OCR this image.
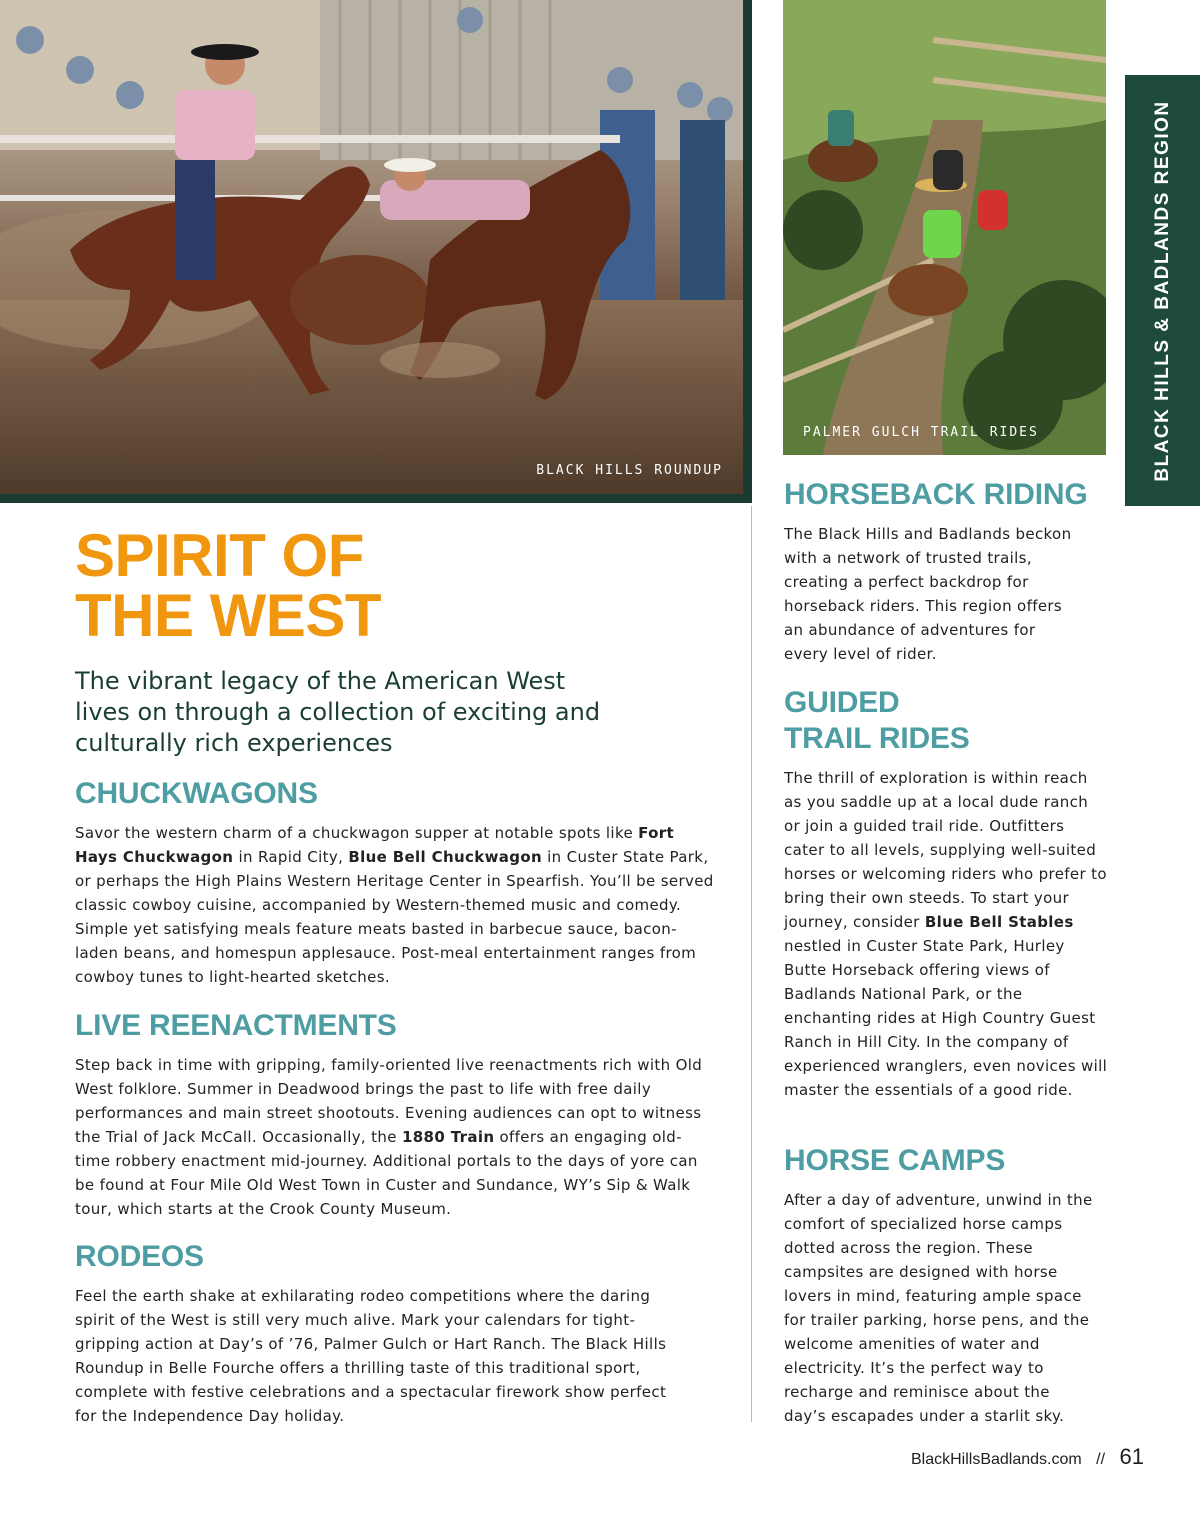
BLACK HILLS ROUNDUP
PALMER GULCH TRAIL RIDES	BLACK HILLS & BADLANDS REGION
SPIRIT OF
THE WEST

The vibrant legacy of the American West
lives on through a collection of exciting and
culturally rich experiences

CHUCKWAGONS

Savor the western charm of a chuckwagon supper at notable spots like Fort Hays Chuckwagon in Rapid City, Blue Bell Chuckwagon in Custer State Park, or perhaps the High Plains Western Heritage Center in Spearfish. You’ll be served classic cowboy cuisine, accompanied by Western-themed music and comedy. Simple yet satisfying meals feature meats basted in barbecue sauce, bacon-laden beans, and homespun applesauce. Post-meal entertainment ranges from cowboy tunes to light-hearted sketches.

LIVE REENACTMENTS

Step back in time with gripping, family-oriented live reenactments rich with Old West folklore. Summer in Deadwood brings the past to life with free daily performances and main street shootouts. Evening audiences can opt to witness the Trial of Jack McCall. Occasionally, the 1880 Train offers an engaging old-time robbery enactment mid-journey. Additional portals to the days of yore can be found at Four Mile Old West Town in Custer and Sundance, WY’s Sip & Walk tour, which starts at the Crook County Museum.

RODEOS

Feel the earth shake at exhilarating rodeo competitions where the daring spirit of the West is still very much alive. Mark your calendars for tight-gripping action at Day’s of ’76, Palmer Gulch or Hart Ranch. The Black Hills Roundup in Belle Fourche offers a thrilling taste of this traditional sport, complete with festive celebrations and a spectacular firework show perfect for the Independence Day holiday.

HORSEBACK RIDING

The Black Hills and Badlands beckon with a network of trusted trails, creating a perfect backdrop for horseback riders. This region offers an abundance of adventures for every level of rider.

GUIDED
TRAIL RIDES

The thrill of exploration is within reach as you saddle up at a local dude ranch or join a guided trail ride. Outfitters cater to all levels, supplying well-suited horses or welcoming riders who prefer to bring their own steeds. To start your journey, consider Blue Bell Stables nestled in Custer State Park, Hurley Butte Horseback offering views of Badlands National Park, or the enchanting rides at High Country Guest Ranch in Hill City. In the company of experienced wranglers, even novices will master the essentials of a good ride.

HORSE CAMPS

After a day of adventure, unwind in the comfort of specialized horse camps dotted across the region. These campsites are designed with horse lovers in mind, featuring ample space for trailer parking, horse pens, and the welcome amenities of water and electricity. It’s the perfect way to recharge and reminisce about the day’s escapades under a starlit sky.

BlackHillsBadlands.com // 61
